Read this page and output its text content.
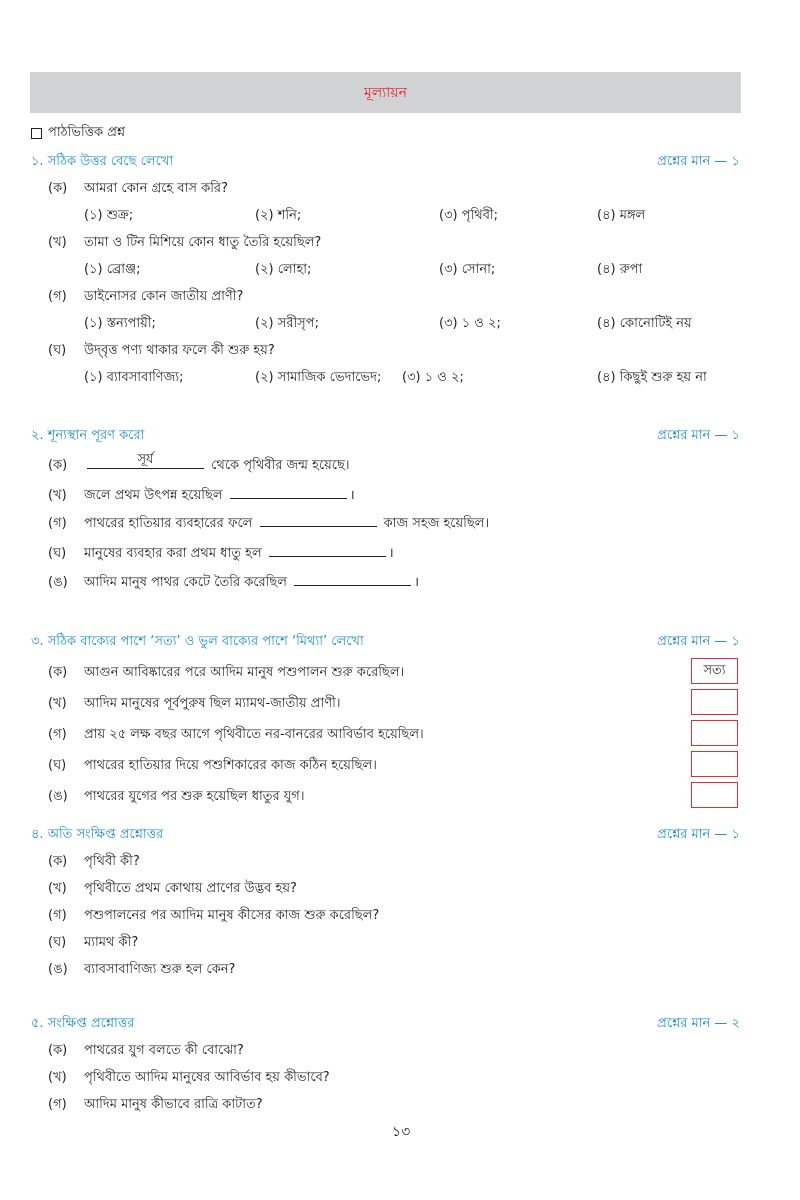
মূল্যায়ন
পাঠভিত্তিক প্রশ্ন
১. সঠিক উত্তর বেছে লেখো	প্রশ্নের মান — ১
(ক) আমরা কোন গ্রহে বাস করি?
(১) শুক্র;	(২) শনি;	(৩) পৃথিবী;	(৪) মঙ্গল
(খ) তামা ও টিন মিশিয়ে কোন ধাতু তৈরি হয়েছিল?
(১) ব্রোঞ্জ;	(২) লোহা;	(৩) সোনা;	(৪) রুপা
(গ) ডাইনোসর কোন জাতীয় প্রাণী?
(১) স্তন্যপায়ী;	(২) সরীসৃপ;	(৩) ১ ও ২;	(৪) কোনোটিই নয়
(ঘ) উদ্‌বৃত্ত পণ্য থাকার ফলে কী শুরু হয়?
(১) ব্যাবসাবাণিজ্য;	(২) সামাজিক ভেদাভেদ; (৩) ১ ও ২;	(৪) কিছুই শুরু হয় না
২. শূন্যস্থান পূরণ করো	প্রশ্নের মান — ১
(ক)	সূর্য	থেকে পৃথিবীর জন্ম হয়েছে।
(খ) জলে প্রথম উৎপন্ন হয়েছিল	।
(গ) পাথরের হাতিয়ার ব্যবহারের ফলে	কাজ সহজ হয়েছিল।
(ঘ) মানুষের ব্যবহার করা প্রথম ধাতু হল	।
(ঙ) আদিম মানুষ পাথর কেটে তৈরি করেছিল	।
৩. সঠিক বাক্যের পাশে ‘সত্য’ ও ভুল বাক্যের পাশে ‘মিথ্যা’ লেখো	প্রশ্নের মান — ১
(ক) আগুন আবিষ্কারের পরে আদিম মানুষ পশুপালন শুরু করেছিল।	সত্য
(খ) আদিম মানুষের পূর্বপুরুষ ছিল ম্যামথ-জাতীয় প্রাণী।
(গ) প্রায় ২৫ লক্ষ বছর আগে পৃথিবীতে নর-বানরের আবির্ভাব হয়েছিল।
(ঘ) পাথরের হাতিয়ার দিয়ে পশুশিকারের কাজ কঠিন হয়েছিল।
(ঙ) পাথরের যুগের পর শুরু হয়েছিল ধাতুর যুগ।
৪. অতি সংক্ষিপ্ত প্রশ্নোত্তর	প্রশ্নের মান — ১
(ক) পৃথিবী কী?
(খ) পৃথিবীতে প্রথম কোথায় প্রাণের উদ্ভব হয়?
(গ) পশুপালনের পর আদিম মানুষ কীসের কাজ শুরু করেছিল?
(ঘ) ম্যামথ কী?
(ঙ) ব্যাবসাবাণিজ্য শুরু হল কেন?
৫. সংক্ষিপ্ত প্রশ্নোত্তর	প্রশ্নের মান — ২
(ক) পাথরের যুগ বলতে কী বোঝো?
(খ) পৃথিবীতে আদিম মানুষের আবির্ভাব হয় কীভাবে?
(গ) আদিম মানুষ কীভাবে রাত্রি কাটাত?
১৩
